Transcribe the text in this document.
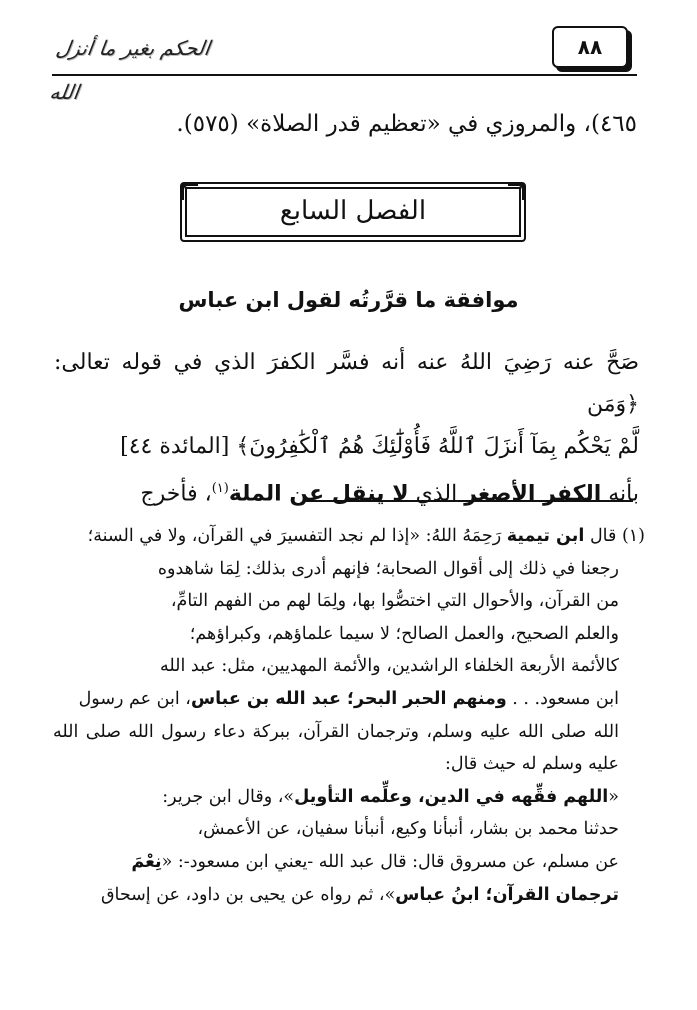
الحكم بغير ما أنزل الله
٨٨
٤٦٥)، والمروزي في «تعظيم قدر الصلاة» (٥٧٥).
الفصل السابع
موافقة ما قرَّرتُه لقول ابن عباس

صَحَّ عنه رَضِيَ اللهُ عنه أنه فسَّر الكفرَ الذي في قوله تعالى: ﴿وَمَن

لَّمْ يَحْكُم بِمَآ أَنزَلَ ٱللَّهُ فَأُوْلَٰٓئِكَ هُمُ ٱلْكَٰفِرُونَ﴾ [المائدة ٤٤]

بأنه الكفر الأصغر الذي لا ينقل عن الملة$^{(١)}$، فأخرج

(١) قال ابن تيمية رَحِمَهُ اللهُ: «إذا لم نجد التفسيرَ في القرآن، ولا في السنة؛

رجعنا في ذلك إلى أقوال الصحابة؛ فإنهم أدرى بذلك: لِمَا شاهدوه

من القرآن، والأحوال التي اختصُّوا بها، ولِمَا لهم من الفهم التامِّ،

والعلم الصحيح، والعمل الصالح؛ لا سيما علماؤهم، وكبراؤهم؛

كالأئمة الأربعة الخلفاء الراشدين، والأئمة المهديين، مثل: عبد الله

ابن مسعود. . . ومنهم الحبر البحر؛ عبد الله بن عباس، ابن عم رسول

الله صلى الله عليه وسلم، وترجمان القرآن، ببركة دعاء رسول الله صلى الله عليه وسلم له حيث قال:

«اللهم فقِّهه في الدين، وعلِّمه التأويل»، وقال ابن جرير:

حدثنا محمد بن بشار، أنبأنا وكيع، أنبأنا سفيان، عن الأعمش،

عن مسلم، عن مسروق قال: قال عبد الله -يعني ابن مسعود-: «نِعْمَ

ترجمان القرآن؛ ابنُ عباس»، ثم رواه عن يحيى بن داود، عن إسحاق
